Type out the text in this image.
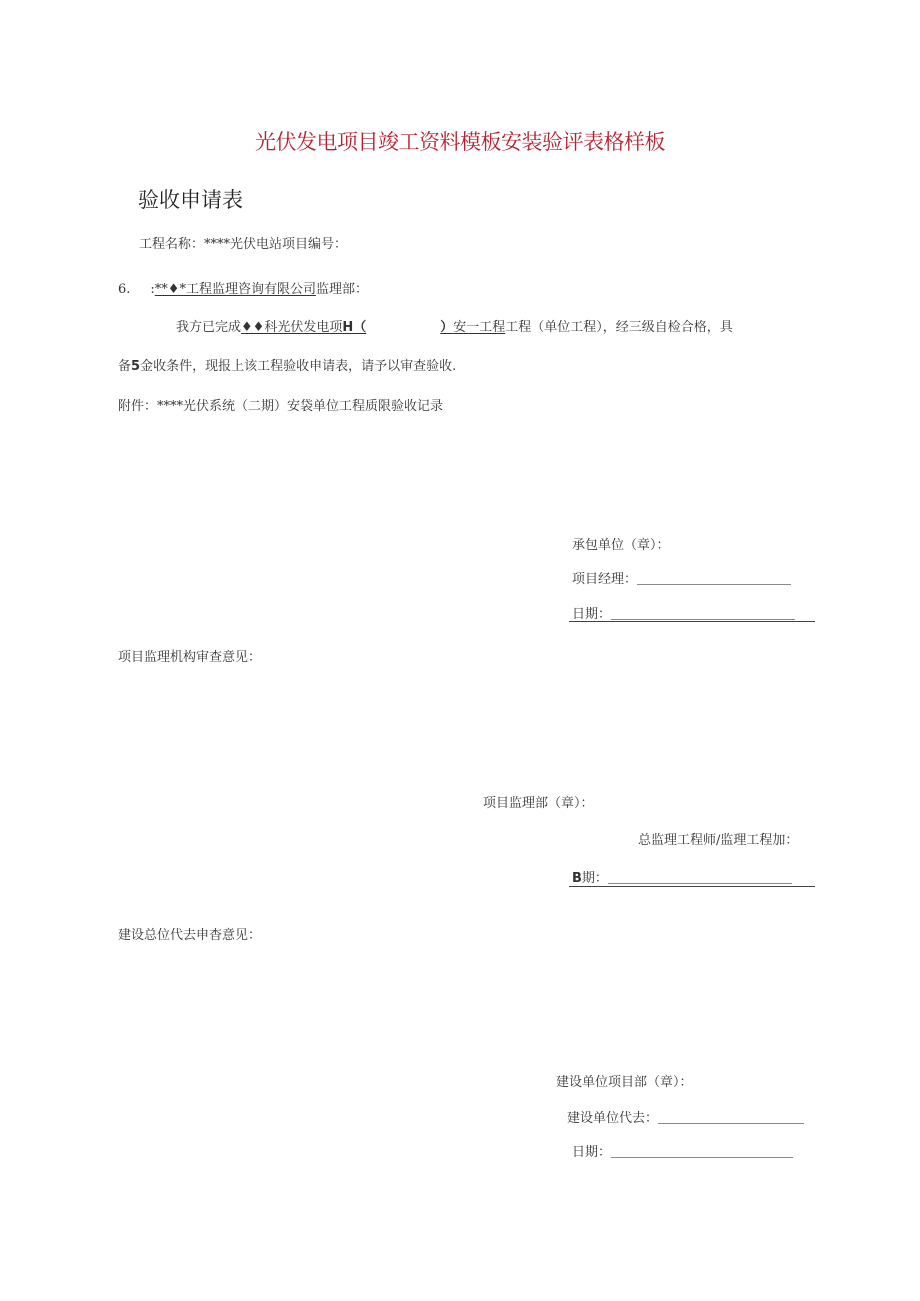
光伏发电项目竣工资料模板安装验评表格样板
验收申请表
工程名称：****光伏电站项目编号：
6. :**♦*工程监理咨询有限公司监理部：
我方已完成♦♦科光伏发电项H（	）安一工程工程（单位工程），经三级自检合格，具
备5金收条件，现报上该工程验收申请表，请予以审查验收.
附件：****光伏系统（二期）安袋单位工程质限验收记录
承包单位（章）：
项目经理：
日期：
项目监理机构审查意见：
项目监理部（章）：
总监理工程师/监理工程加：
B期：
建设总位代去申杳意见：
建设单位项目部（章）：
建设单位代去：
日期：
